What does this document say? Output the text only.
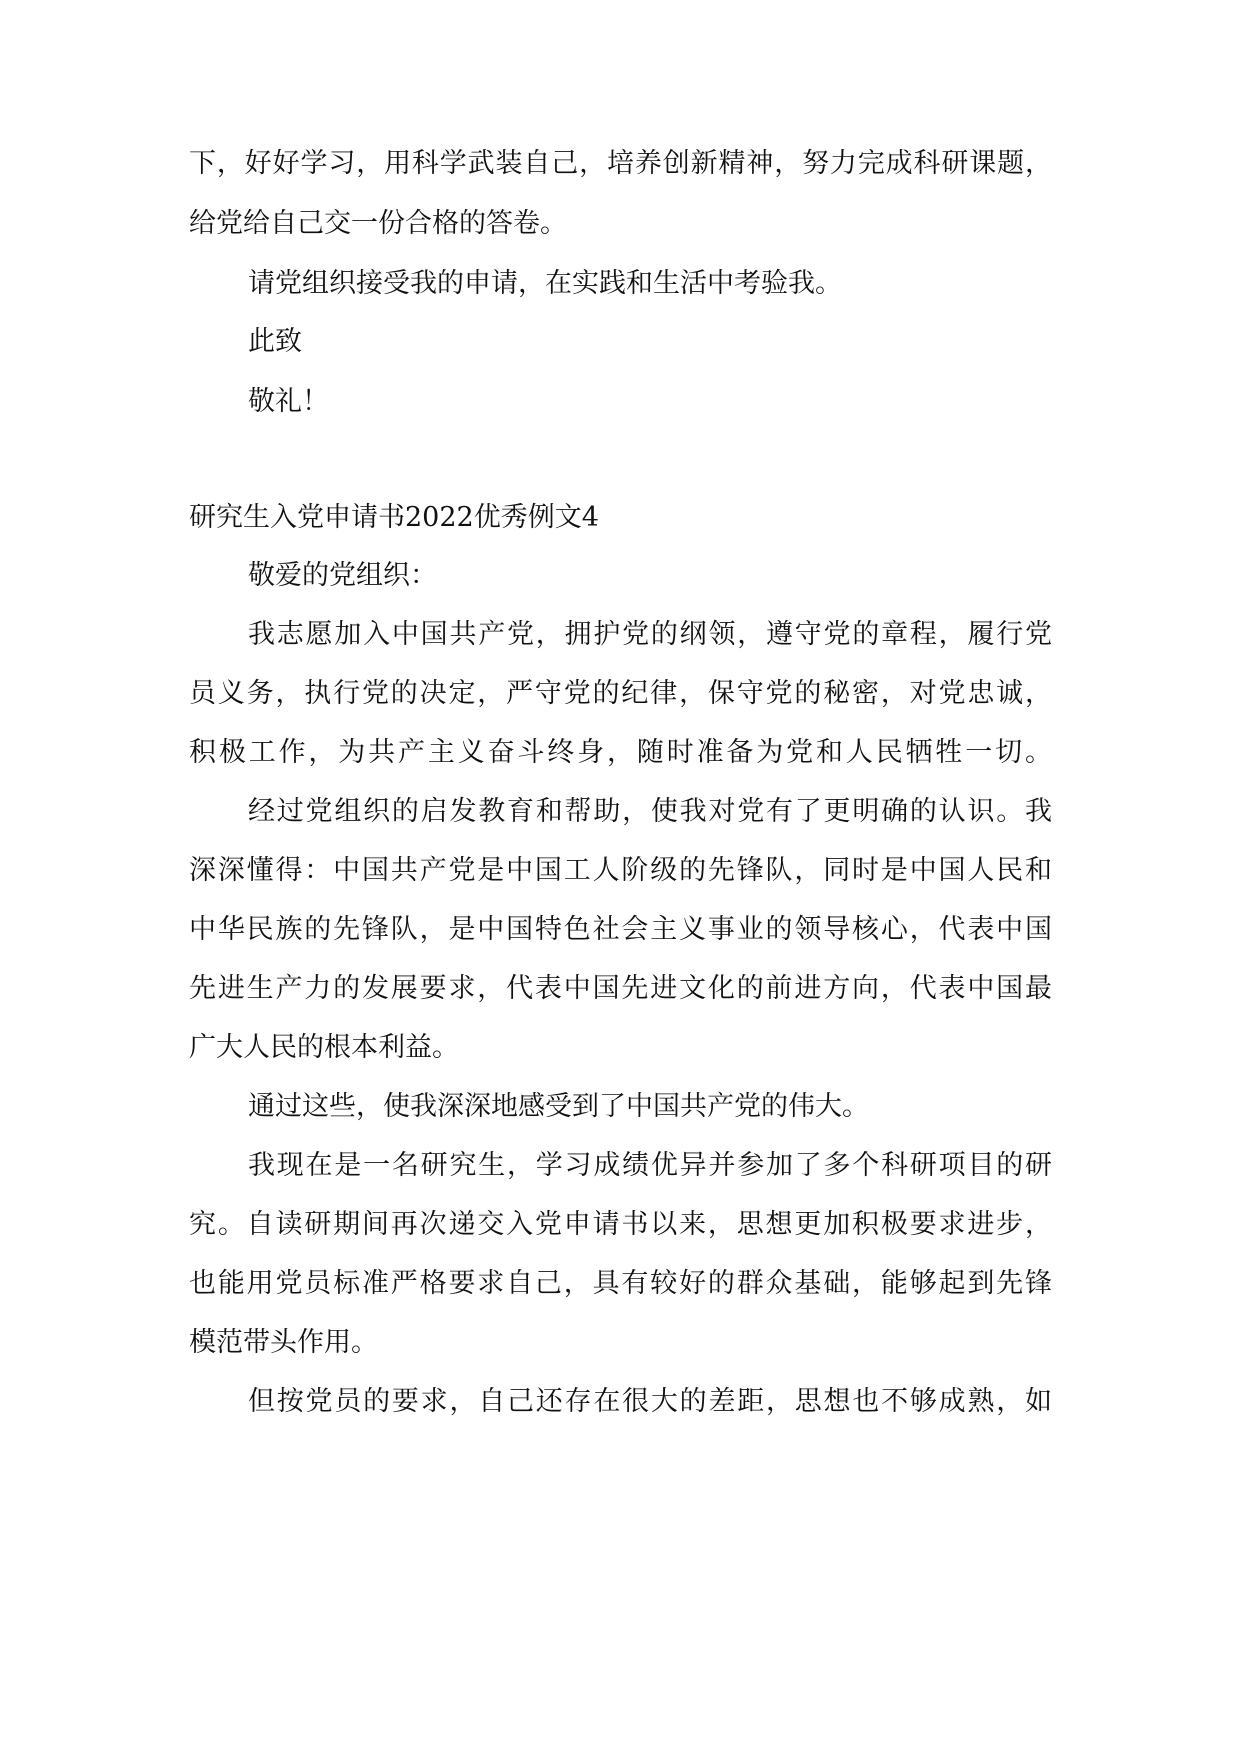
下，好好学习，用科学武装自己，培养创新精神，努力完成科研课题，
给党给自己交一份合格的答卷。
请党组织接受我的申请，在实践和生活中考验我。
此致
敬礼！
研究生入党申请书2022优秀例文4
敬爱的党组织：
我志愿加入中国共产党，拥护党的纲领，遵守党的章程，履行党
员义务，执行党的决定，严守党的纪律，保守党的秘密，对党忠诚，
积极工作，为共产主义奋斗终身，随时准备为党和人民牺牲一切。
经过党组织的启发教育和帮助，使我对党有了更明确的认识。我
深深懂得：中国共产党是中国工人阶级的先锋队，同时是中国人民和
中华民族的先锋队，是中国特色社会主义事业的领导核心，代表中国
先进生产力的发展要求，代表中国先进文化的前进方向，代表中国最
广大人民的根本利益。
通过这些，使我深深地感受到了中国共产党的伟大。
我现在是一名研究生，学习成绩优异并参加了多个科研项目的研
究。自读研期间再次递交入党申请书以来，思想更加积极要求进步，
也能用党员标准严格要求自己，具有较好的群众基础，能够起到先锋
模范带头作用。
但按党员的要求，自己还存在很大的差距，思想也不够成熟，如
